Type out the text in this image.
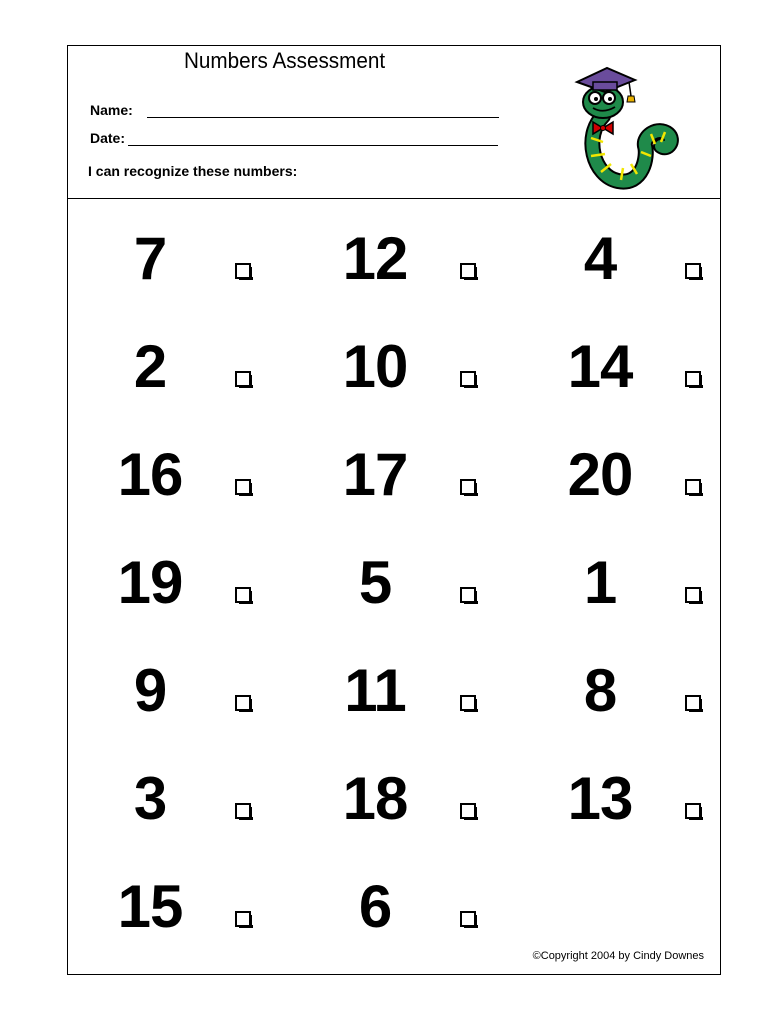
Numbers Assessment
Name:
Date:
I can recognize these numbers:
7	12	4
2	10	14
16	17	20
19	5	1
9	11	8
3	18	13
15	6
©Copyright 2004 by Cindy Downes
